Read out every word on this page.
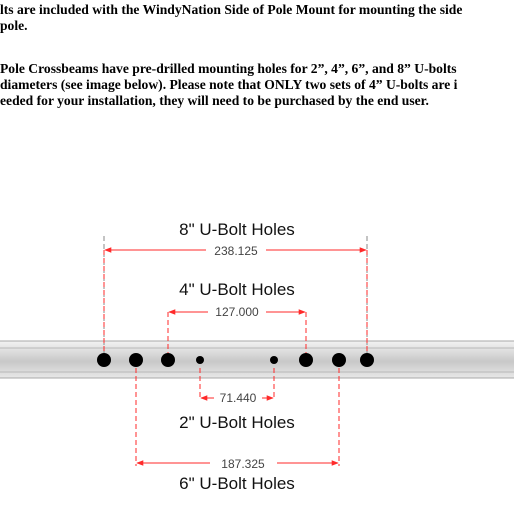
lts are included with the WindyNation Side of Pole Mount for mounting the side
pole.

Pole Crossbeams have pre-drilled mounting holes for 2”, 4”, 6”, and 8” U-bolts
diameters (see image below). Please note that ONLY two sets of 4” U-bolts are i
eeded for your installation, they will need to be purchased by the end user.

8" U-Bolt Holes
238.125
4" U-Bolt Holes
127.000
71.440
2" U-Bolt Holes
187.325
6" U-Bolt Holes
